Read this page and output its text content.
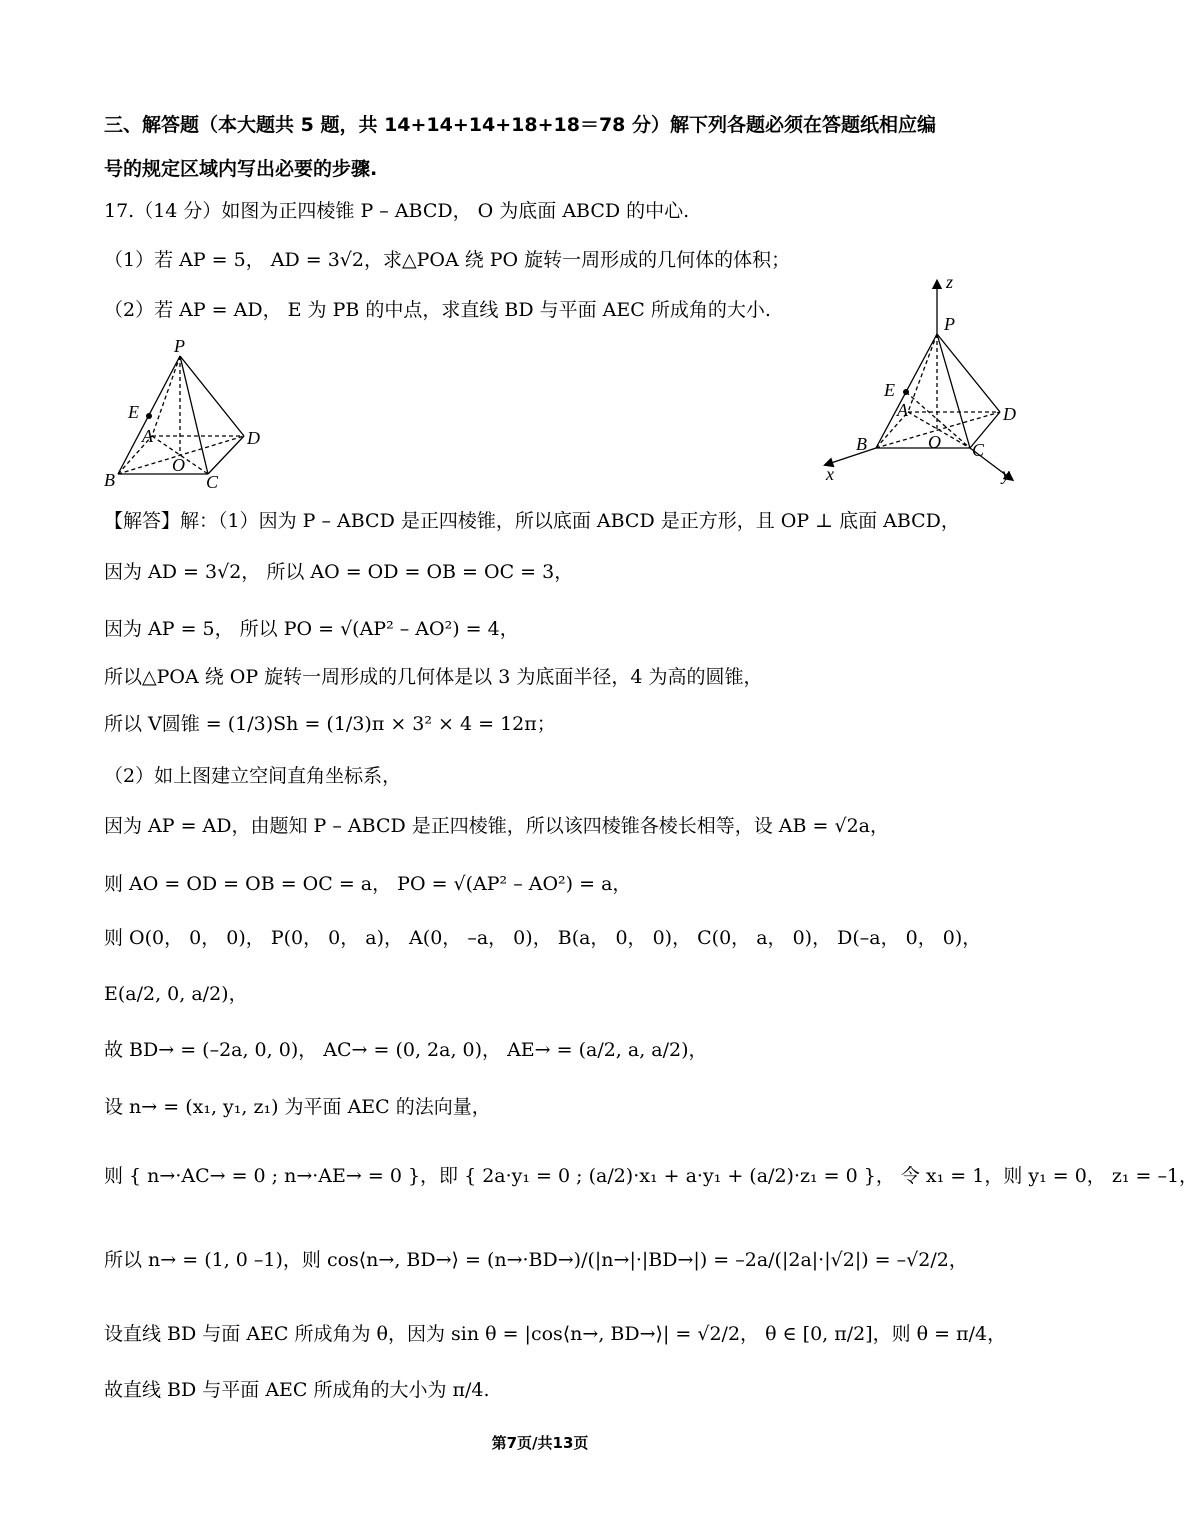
三、解答题（本大题共 5 题，共 14+14+14+18+18＝78 分）解下列各题必须在答题纸相应编
号的规定区域内写出必要的步骤.
17.（14 分）如图为正四棱锥 P – ABCD， O 为底面 ABCD 的中心.
（1）若 AP = 5， AD = 3√2，求△POA 绕 PO 旋转一周形成的几何体的体积；
（2）若 AP = AD， E 为 PB 的中点，求直线 BD 与平面 AEC 所成角的大小.
P
E
A	D
B
O
C
z
P
E
A	D
B	O C
x	y
【解答】解：（1）因为 P – ABCD 是正四棱锥，所以底面 ABCD 是正方形，且 OP ⊥ 底面 ABCD，
因为 AD = 3√2， 所以 AO = OD = OB = OC = 3，
因为 AP = 5， 所以 PO = √(AP² – AO²) = 4，
所以△POA 绕 OP 旋转一周形成的几何体是以 3 为底面半径，4 为高的圆锥，
所以 V圆锥 = (1/3)Sh = (1/3)π × 3² × 4 = 12π；
（2）如上图建立空间直角坐标系，
因为 AP = AD，由题知 P – ABCD 是正四棱锥，所以该四棱锥各棱长相等，设 AB = √2a，
则 AO = OD = OB = OC = a， PO = √(AP² – AO²) = a，
则 O(0， 0， 0)， P(0， 0， a)， A(0， –a， 0)， B(a， 0， 0)， C(0， a， 0)， D(–a， 0， 0)，
E(a/2, 0, a/2)，
故 BD→ = (–2a, 0, 0)， AC→ = (0, 2a, 0)， AE→ = (a/2, a, a/2)，
设 n→ = (x₁, y₁, z₁) 为平面 AEC 的法向量，
则 { n→·AC→ = 0 ; n→·AE→ = 0 }，即 { 2a·y₁ = 0 ; (a/2)·x₁ + a·y₁ + (a/2)·z₁ = 0 }， 令 x₁ = 1，则 y₁ = 0， z₁ = –1，
所以 n→ = (1, 0 –1)，则 cos⟨n→, BD→⟩ = (n→·BD→)/(|n→|·|BD→|) = –2a/(|2a|·|√2|) = –√2/2，
设直线 BD 与面 AEC 所成角为 θ，因为 sin θ = |cos⟨n→, BD→⟩| = √2/2， θ ∈ [0, π/2]，则 θ = π/4，
故直线 BD 与平面 AEC 所成角的大小为 π/4.
第7页/共13页
